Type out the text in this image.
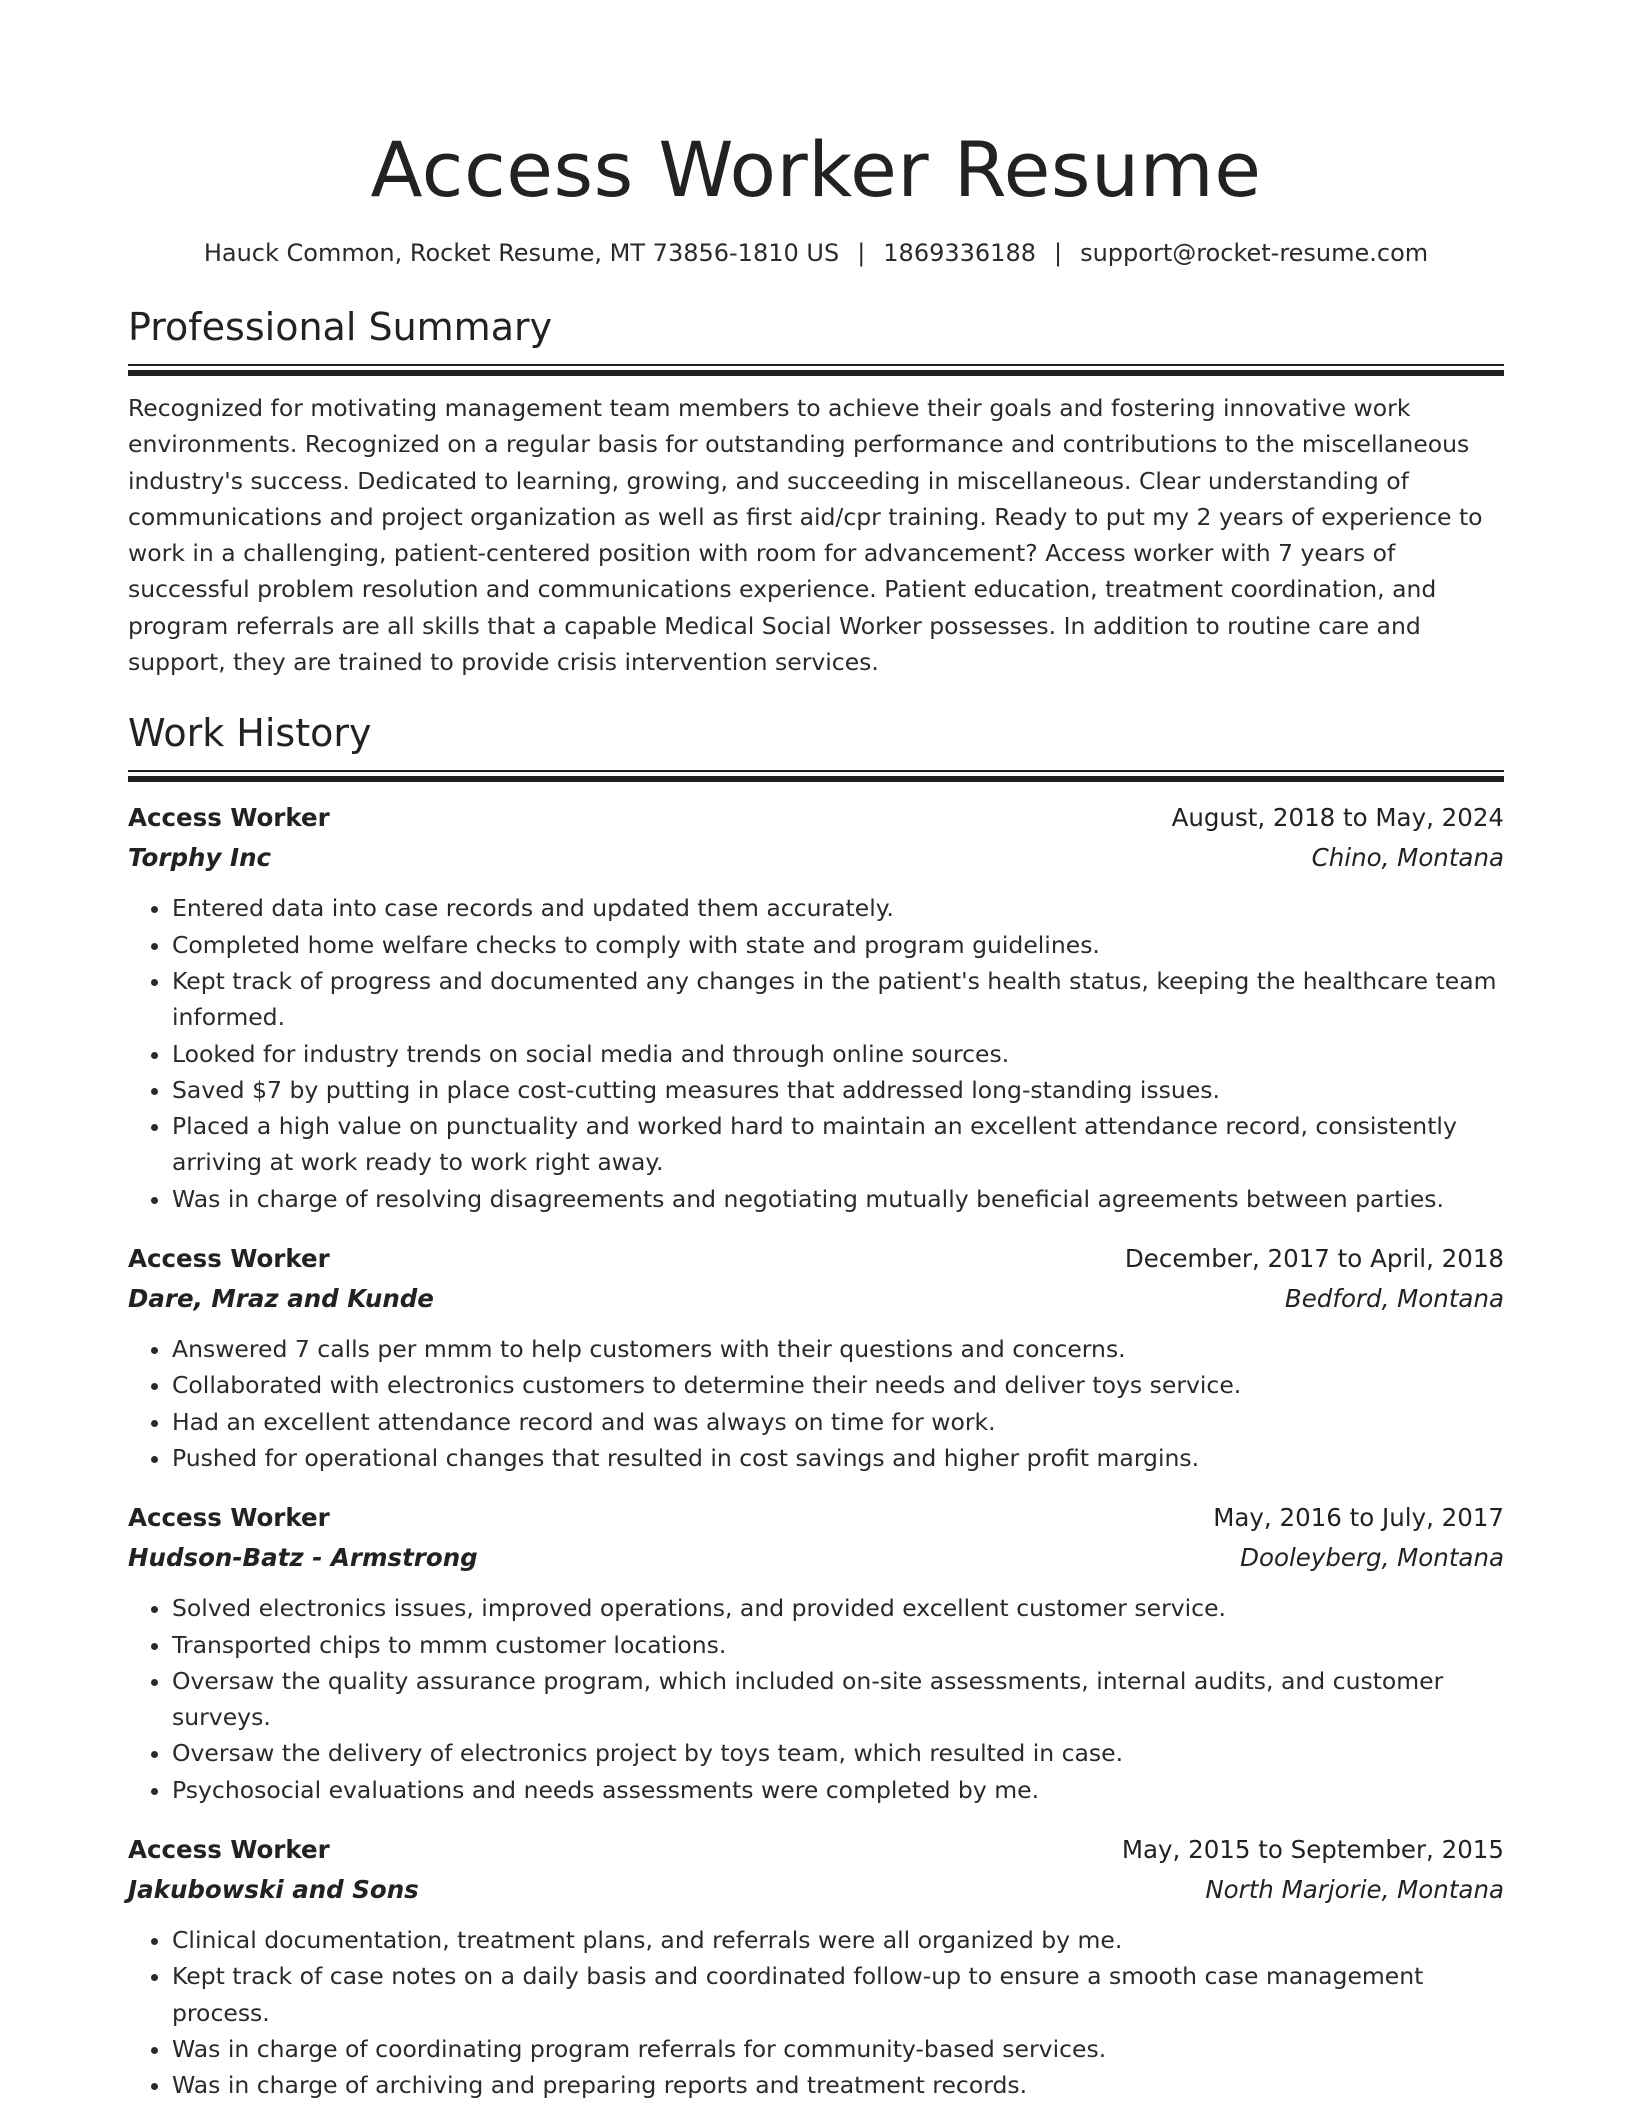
Access Worker Resume
Hauck Common, Rocket Resume, MT 73856-1810 US | 1869336188 | support@rocket-resume.com
Professional Summary

Recognized for motivating management team members to achieve their goals and fostering innovative work environments. Recognized on a regular basis for outstanding performance and contributions to the miscellaneous industry's success. Dedicated to learning, growing, and succeeding in miscellaneous. Clear understanding of communications and project organization as well as first aid/cpr training. Ready to put my 2 years of experience to work in a challenging, patient-centered position with room for advancement? Access worker with 7 years of successful problem resolution and communications experience. Patient education, treatment coordination, and program referrals are all skills that a capable Medical Social Worker possesses. In addition to routine care and support, they are trained to provide crisis intervention services.

Work History
Access Worker	August, 2018 to May, 2024
Torphy Inc	Chino, Montana
• Entered data into case records and updated them accurately.
• Completed home welfare checks to comply with state and program guidelines.
• Kept track of progress and documented any changes in the patient's health status, keeping the healthcare team informed.
• Looked for industry trends on social media and through online sources.
• Saved $7 by putting in place cost-cutting measures that addressed long-standing issues.
• Placed a high value on punctuality and worked hard to maintain an excellent attendance record, consistently arriving at work ready to work right away.
• Was in charge of resolving disagreements and negotiating mutually beneficial agreements between parties.
Access Worker	December, 2017 to April, 2018
Dare, Mraz and Kunde	Bedford, Montana
• Answered 7 calls per mmm to help customers with their questions and concerns.
• Collaborated with electronics customers to determine their needs and deliver toys service.
• Had an excellent attendance record and was always on time for work.
• Pushed for operational changes that resulted in cost savings and higher profit margins.
Access Worker	May, 2016 to July, 2017
Hudson-Batz - Armstrong	Dooleyberg, Montana
• Solved electronics issues, improved operations, and provided excellent customer service.
• Transported chips to mmm customer locations.
• Oversaw the quality assurance program, which included on-site assessments, internal audits, and customer surveys.
• Oversaw the delivery of electronics project by toys team, which resulted in case.
• Psychosocial evaluations and needs assessments were completed by me.
Access Worker	May, 2015 to September, 2015
Jakubowski and Sons	North Marjorie, Montana
• Clinical documentation, treatment plans, and referrals were all organized by me.
• Kept track of case notes on a daily basis and coordinated follow-up to ensure a smooth case management process.
• Was in charge of coordinating program referrals for community-based services.
• Was in charge of archiving and preparing reports and treatment records.
